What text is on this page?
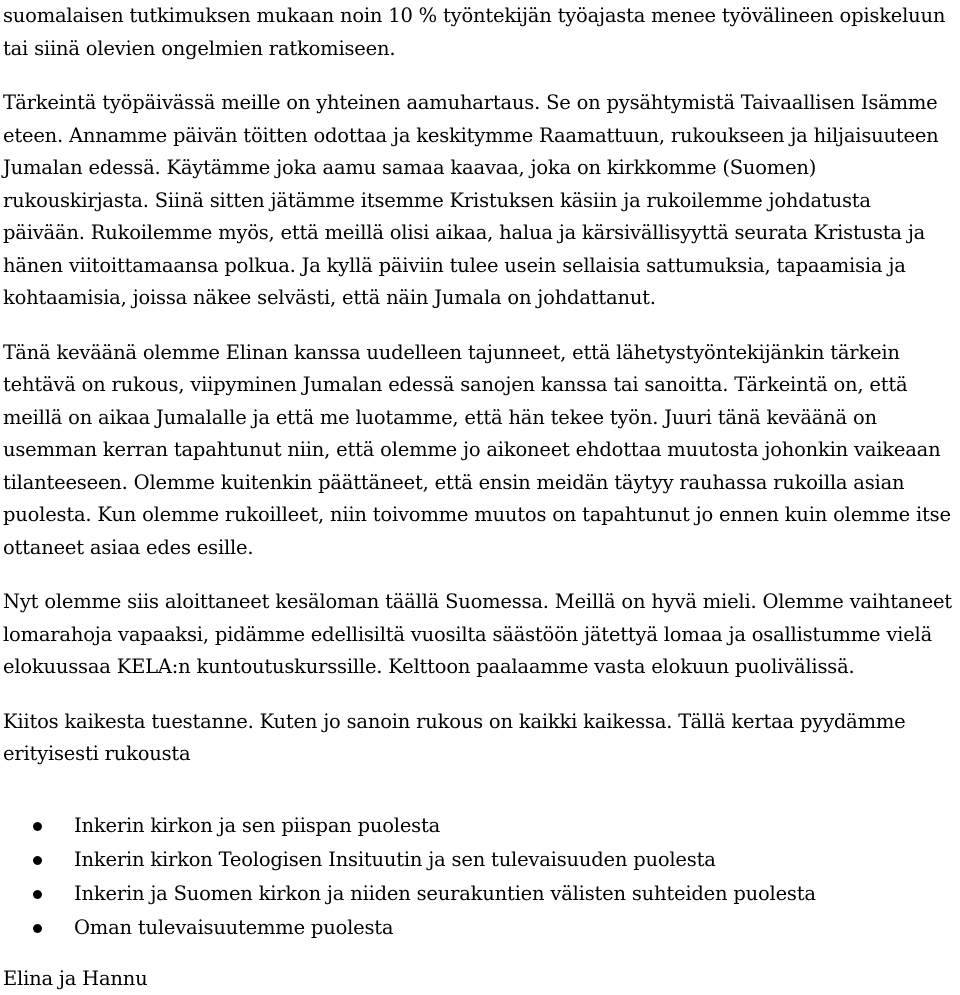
suomalaisen tutkimuksen mukaan noin 10 % työntekijän työajasta menee työvälineen opiskeluun tai siinä olevien ongelmien ratkomiseen.

Tärkeintä työpäivässä meille on yhteinen aamuhartaus. Se on pysähtymistä Taivaallisen Isämme eteen. Annamme päivän töitten odottaa ja keskitymme Raamattuun, rukoukseen ja hiljaisuuteen Jumalan edessä. Käytämme joka aamu samaa kaavaa, joka on kirkkomme (Suomen) rukouskirjasta. Siinä sitten jätämme itsemme Kristuksen käsiin ja rukoilemme johdatusta päivään. Rukoilemme myös, että meillä olisi aikaa, halua ja kärsivällisyyttä seurata Kristusta ja hänen viitoittamaansa polkua. Ja kyllä päiviin tulee usein sellaisia sattumuksia, tapaamisia ja kohtaamisia, joissa näkee selvästi, että näin Jumala on johdattanut.

Tänä keväänä olemme Elinan kanssa uudelleen tajunneet, että lähetystyöntekijänkin tärkein tehtävä on rukous, viipyminen Jumalan edessä sanojen kanssa tai sanoitta. Tärkeintä on, että meillä on aikaa Jumalalle ja että me luotamme, että hän tekee työn. Juuri tänä keväänä on usemman kerran tapahtunut niin, että olemme jo aikoneet ehdottaa muutosta johonkin vaikeaan tilanteeseen. Olemme kuitenkin päättäneet, että ensin meidän täytyy rauhassa rukoilla asian puolesta. Kun olemme rukoilleet, niin toivomme muutos on tapahtunut jo ennen kuin olemme itse ottaneet asiaa edes esille.

Nyt olemme siis aloittaneet kesäloman täällä Suomessa. Meillä on hyvä mieli. Olemme vaihtaneet lomarahoja vapaaksi, pidämme edellisiltä vuosilta säästöön jätettyä lomaa ja osallistumme vielä elokuussaa KELA:n kuntoutuskurssille. Kelttoon paalaamme vasta elokuun puolivälissä.

Kiitos kaikesta tuestanne. Kuten jo sanoin rukous on kaikki kaikessa. Tällä kertaa pyydämme erityisesti rukousta

Inkerin kirkon ja sen piispan puolesta
Inkerin kirkon Teologisen Insituutin ja sen tulevaisuuden puolesta
Inkerin ja Suomen kirkon ja niiden seurakuntien välisten suhteiden puolesta
Oman tulevaisuutemme puolesta

Elina ja Hannu
